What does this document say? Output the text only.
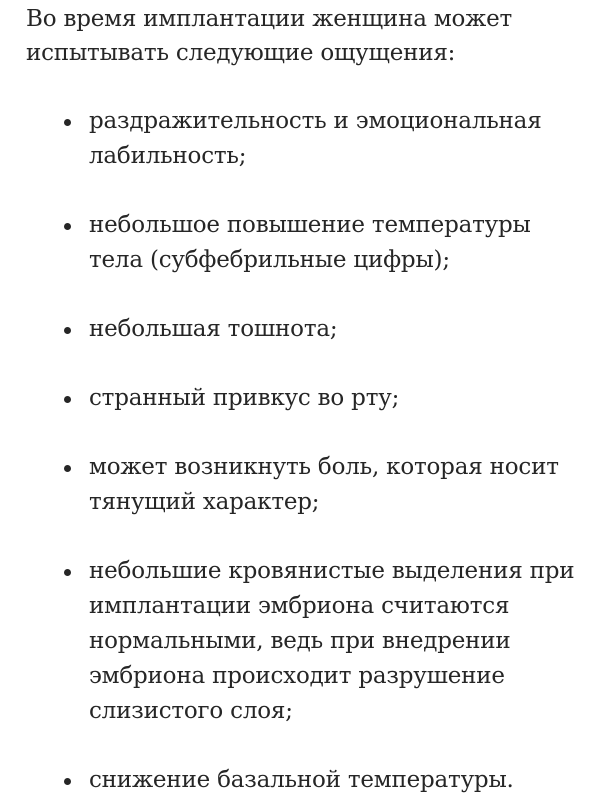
Во время имплантации женщина может испытывать следующие ощущения:

раздражительность и эмоциональная лабильность;
небольшое повышение температуры тела (субфебрильные цифры);
небольшая тошнота;
странный привкус во рту;
может возникнуть боль, которая носит тянущий характер;
небольшие кровянистые выделения при имплантации эмбриона считаются нормальными, ведь при внедрении эмбриона происходит разрушение слизистого слоя;
снижение базальной температуры.
